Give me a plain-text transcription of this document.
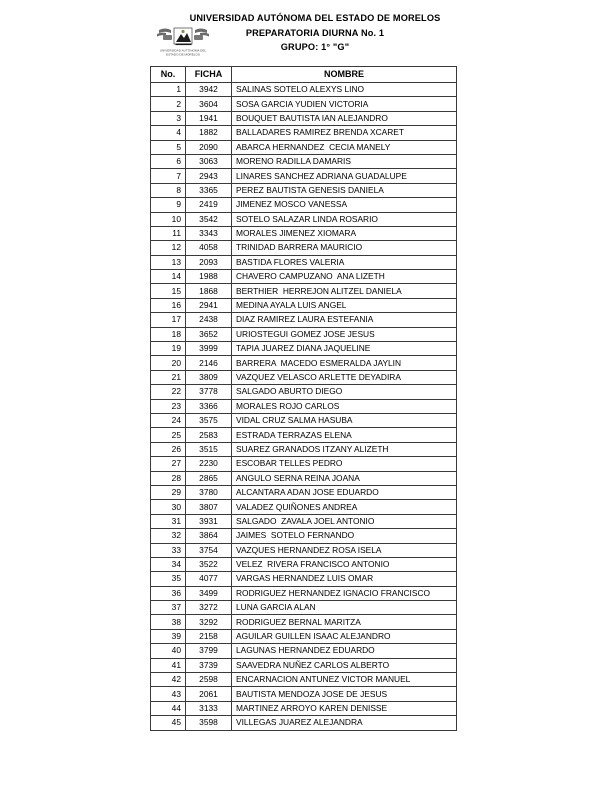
UNIVERSIDAD AUTÓNOMA DEL ESTADO DE MORELOS
PREPARATORIA DIURNA No. 1
GRUPO: 1° "G"
UNIVERSIDAD AUTÓNOMA DEL
ESTADO DE MORELOS
No.	FICHA	NOMBRE
1	3942	SALINAS SOTELO ALEXYS LINO
2	3604	SOSA GARCIA YUDIEN VICTORIA
3	1941	BOUQUET BAUTISTA IAN ALEJANDRO
4	1882	BALLADARES RAMIREZ BRENDA XCARET
5	2090	ABARCA HERNANDEZ  CECIA MANELY
6	3063	MORENO RADILLA DAMARIS
7	2943	LINARES SANCHEZ ADRIANA GUADALUPE
8	3365	PEREZ BAUTISTA GENESIS DANIELA
9	2419	JIMENEZ MOSCO VANESSA
10	3542	SOTELO SALAZAR LINDA ROSARIO
11	3343	MORALES JIMENEZ XIOMARA
12	4058	TRINIDAD BARRERA MAURICIO
13	2093	BASTIDA FLORES VALERIA
14	1988	CHAVERO CAMPUZANO  ANA LIZETH
15	1868	BERTHIER  HERREJON ALITZEL DANIELA
16	2941	MEDINA AYALA LUIS ANGEL
17	2438	DIAZ RAMIREZ LAURA ESTEFANIA
18	3652	URIOSTEGUI GOMEZ JOSE JESUS
19	3999	TAPIA JUAREZ DIANA JAQUELINE
20	2146	BARRERA  MACEDO ESMERALDA JAYLIN
21	3809	VAZQUEZ VELASCO ARLETTE DEYADIRA
22	3778	SALGADO ABURTO DIEGO
23	3366	MORALES ROJO CARLOS
24	3575	VIDAL CRUZ SALMA HASUBA
25	2583	ESTRADA TERRAZAS ELENA
26	3515	SUAREZ GRANADOS ITZANY ALIZETH
27	2230	ESCOBAR TELLES PEDRO
28	2865	ANGULO SERNA REINA JOANA
29	3780	ALCANTARA ADAN JOSE EDUARDO
30	3807	VALADEZ QUIÑONES ANDREA
31	3931	SALGADO  ZAVALA JOEL ANTONIO
32	3864	JAIMES  SOTELO FERNANDO
33	3754	VAZQUES HERNANDEZ ROSA ISELA
34	3522	VELEZ  RIVERA FRANCISCO ANTONIO
35	4077	VARGAS HERNANDEZ LUIS OMAR
36	3499	RODRIGUEZ HERNANDEZ IGNACIO FRANCISCO
37	3272	LUNA GARCIA ALAN
38	3292	RODRIGUEZ BERNAL MARITZA
39	2158	AGUILAR GUILLEN ISAAC ALEJANDRO
40	3799	LAGUNAS HERNANDEZ EDUARDO
41	3739	SAAVEDRA NUÑEZ CARLOS ALBERTO
42	2598	ENCARNACION ANTUNEZ VICTOR MANUEL
43	2061	BAUTISTA MENDOZA JOSE DE JESUS
44	3133	MARTINEZ ARROYO KAREN DENISSE
45	3598	VILLEGAS JUAREZ ALEJANDRA
